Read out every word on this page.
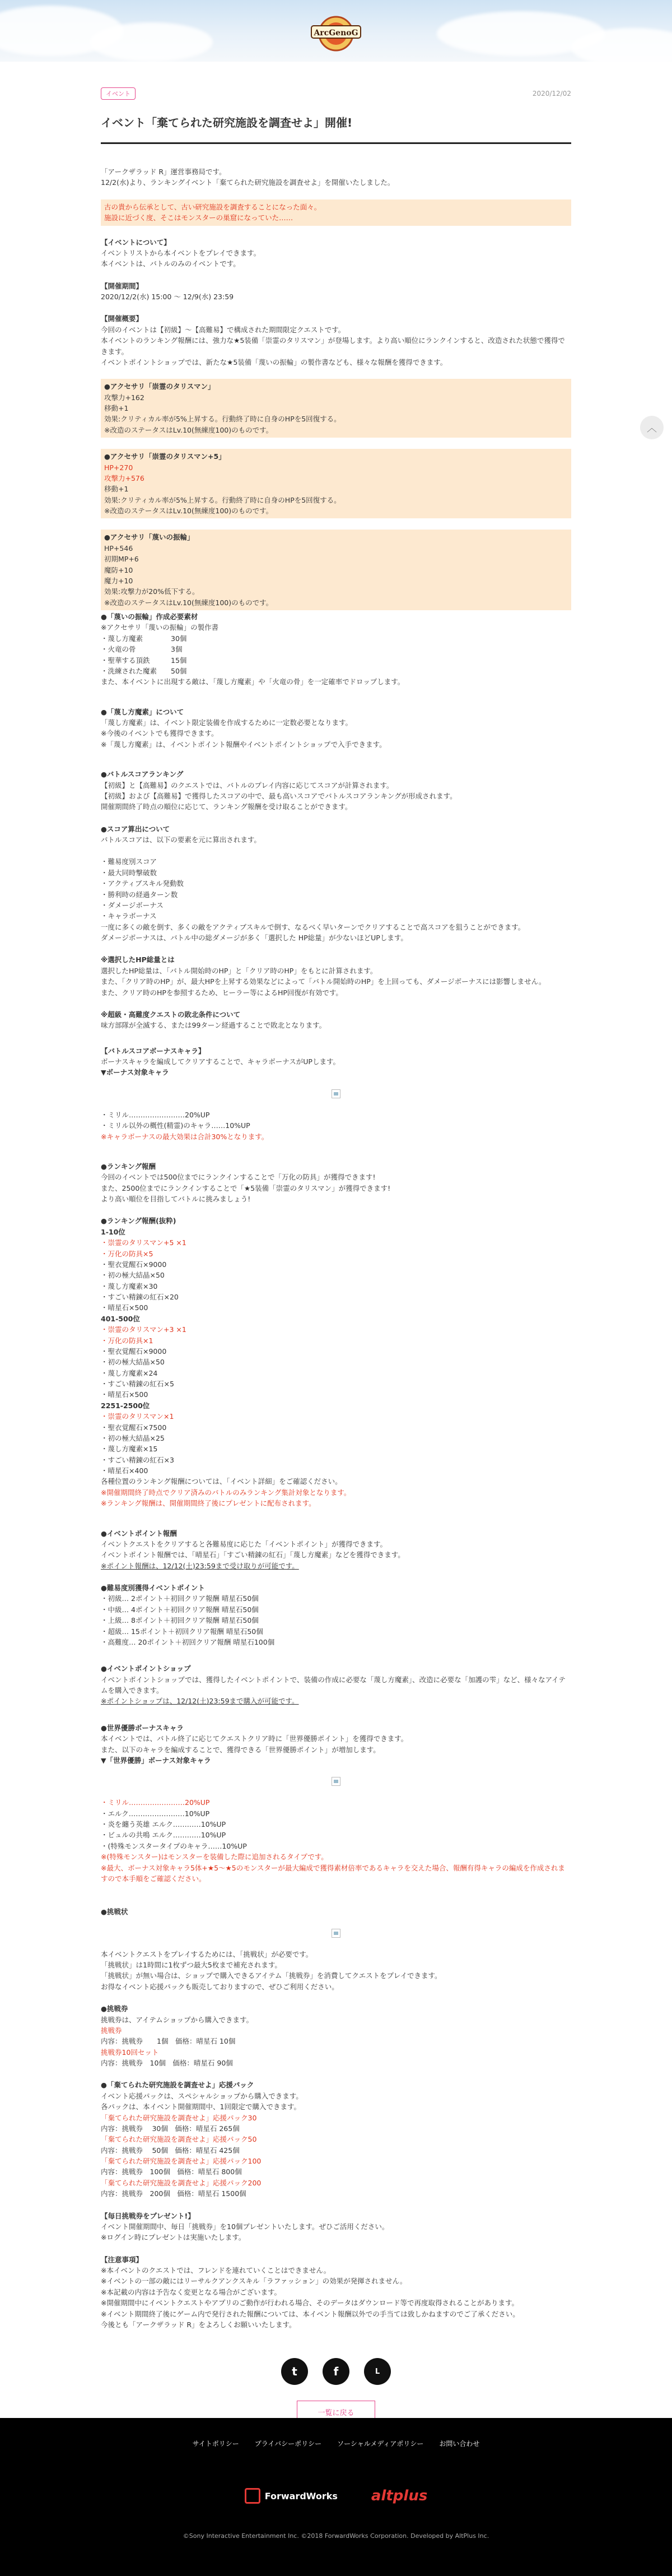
ArcGenoG
︿
イベント	2020/12/02
イベント「棄てられた研究施設を調査せよ」開催!

「アークザラッド R」運営事務局です。

12/2(水)より、ランキングイベント「棄てられた研究施設を調査せよ」を開催いたしました。

古の貴から伝承として、古い研究施設を調査することになった面々。

施設に近づく度、そこはモンスターの巣窟になっていた……

【イベントについて】

イベントリストから本イベントをプレイできます。

本イベントは、バトルのみのイベントです。

【開催期間】

2020/12/2(水) 15:00 ～ 12/9(水) 23:59

【開催概要】

今回のイベントは【初級】～【高難易】で構成された期間限定クエストです。

本イベントのランキング報酬には、強力な★5装備「崇霊のタリスマン」が登場します。より高い順位にランクインすると、改造された状態で獲得できます。

イベントポイントショップでは、新たな★5装備「蔑いの振輪」の製作書なども、様々な報酬を獲得できます。

●アクセサリ「崇霊のタリスマン」

攻撃力+162

移動+1

効果:クリティカル率が5%上昇する。行動終了時に自身のHPを5回復する。

※改造のステータスはLv.10(無練度100)のものです。

●アクセサリ「崇霊のタリスマン+5」

HP+270

攻撃力+576

移動+1

効果:クリティカル率が5%上昇する。行動終了時に自身のHPを5回復する。

※改造のステータスはLv.10(無練度100)のものです。

●アクセサリ「蔑いの振輪」

HP+546

初期MP+6

魔防+10

魔力+10

効果:攻撃力が20%低下する。

※改造のステータスはLv.10(無練度100)のものです。

●「蔑いの振輪」作成必要素材

※アクセサリ「蔑いの振輪」の製作書

・蔑し方魔素　　　　30個

・火竜の骨　　　　　3個

・聖華する頂鉄　　　15個

・洗練された魔素　　50個

また、本イベントに出現する敵は、「蔑し方魔素」や「火竜の骨」を一定確率でドロップします。

●「蔑し方魔素」について

「蔑し方魔素」は、イベント限定装備を作成するために一定数必要となります。

※今後のイベントでも獲得できます。

※「蔑し方魔素」は、イベントポイント報酬やイベントポイントショップで入手できます。

●バトルスコアランキング

【初級】と【高難易】のクエストでは、バトルのプレイ内容に応じてスコアが計算されます。

【初級】および【高難易】で獲得したスコアの中で、最も高いスコアでバトルスコアランキングが形成されます。

開催期間終了時点の順位に応じて、ランキング報酬を受け取ることができます。

●スコア算出について

バトルスコアは、以下の要素を元に算出されます。

・難易度別スコア

・最大同時撃破数

・アクティブスキル発動数

・勝利時の経過ターン数

・ダメージボーナス

・キャラボーナス

一度に多くの敵を倒す、多くの敵をアクティブスキルで倒す、なるべく早いターンでクリアすることで高スコアを狙うことができます。

ダメージボーナスは、バトル中の総ダメージが多く「選択した HP総量」が少ないほどUPします。

※選択したHP総量とは

選択したHP総量は、「バトル開始時のHP」と「クリア時のHP」をもとに計算されます。

また、「クリア時のHP」が、最大HPを上昇する効果などによって「バトル開始時のHP」を上回っても、ダメージボーナスには影響しません。

また、クリア時のHPを参照するため、ヒーラー等によるHP回復が有効です。

※超級・高難度クエストの敗北条件について

味方部隊が全滅する、または99ターン経過することで敗北となります。

【バトルスコアボーナスキャラ】

ボーナスキャラを編成してクリアすることで、キャラボーナスがUPします。

▼ボーナス対象キャラ

・ミリル……………………20%UP

・ミリル以外の概性(精霊)のキャラ……10%UP

※キャラボーナスの最大効果は合計30%となります。

●ランキング報酬

今回のイベントでは500位までにランクインすることで「万化の防具」が獲得できます!

また、2500位までにランクインすることで「★5装備「崇霊のタリスマン」が獲得できます!

より高い順位を目指してバトルに挑みましょう!

●ランキング報酬(抜粋)

1-10位

・崇霊のタリスマン+5 ×1

・万化の防具×5

・聖衣覚醒石×9000

・初の極大結晶×50

・蔑し方魔素×30

・すごい精錬の紅石×20

・晴星石×500

401-500位

・崇霊のタリスマン+3 ×1

・万化の防具×1

・聖衣覚醒石×9000

・初の極大結晶×50

・蔑し方魔素×24

・すごい精錬の紅石×5

・晴星石×500

2251-2500位

・崇霊のタリスマン×1

・聖衣覚醒石×7500

・初の極大結晶×25

・蔑し方魔素×15

・すごい精錬の紅石×3

・晴星石×400

各種位置のランキング報酬については、「イベント詳細」をご確認ください。

※開催期間終了時点でクリア済みのバトルのみランキング集計対象となります。

※ランキング報酬は、開催期間終了後にプレゼントに配布されます。

●イベントポイント報酬

イベントクエストをクリアすると各難易度に応じた「イベントポイント」が獲得できます。

イベントポイント報酬では、「晴星石」「すごい精錬の紅石」「蔑し方魔素」などを獲得できます。

※ポイント報酬は、12/12(土)23:59まで受け取りが可能です。

●難易度別獲得イベントポイント

・初級… 2ポイント＋初回クリア報酬 晴星石50個

・中級… 4ポイント＋初回クリア報酬 晴星石50個

・上級… 8ポイント＋初回クリア報酬 晴星石50個

・超級… 15ポイント＋初回クリア報酬 晴星石50個

・高難度… 20ポイント＋初回クリア報酬 晴星石100個

●イベントポイントショップ

イベントポイントショップでは、獲得したイベントポイントで、装備の作成に必要な「蔑し方魔素」、改造に必要な「加護の雫」など、様々なアイテムを購入できます。

※ポイントショップは、12/12(土)23:59まで購入が可能です。

●世界優勝ボーナスキャラ

本イベントでは、バトル終了に応じてクエストクリア時に「世界優勝ポイント」を獲得できます。

また、以下のキャラを編成することで、獲得できる「世界優勝ポイント」が増加します。

▼「世界優勝」ボーナス対象キャラ

・ミリル……………………20%UP

・エルク……………………10%UP

・炎を纏う英雄 エルク…………10%UP

・ビュルの共鳴 エルク…………10%UP

・(特殊モンスタータイプのキャラ……10%UP

※(特殊モンスター)はモンスターを装備した際に追加されるタイプです。
※最大、ボーナス対象キャラ5体+★5〜★5のモンスターが最大編成で獲得素材倍率であるキャラを交えた場合、報酬有得キャラの編成を作成されますので本手順をご確認ください。

●挑戦状

本イベントクエストをプレイするためには、「挑戦状」が必要です。

「挑戦状」は1時間に1枚ずつ最大5枚まで補充されます。

「挑戦状」が無い場合は、ショップで購入できるアイテム「挑戦券」を消費してクエストをプレイできます。

お得なイベント応援パックも販売しておりますので、ぜひご利用ください。

●挑戦券

挑戦券は、アイテムショップから購入できます。

挑戦券

内容：挑戦券　　1個　価格：晴星石 10個

挑戦券10回セット

内容：挑戦券　10個　価格：晴星石 90個

●「棄てられた研究施設を調査せよ」応援パック

イベント応援パックは、スペシャルショップから購入できます。

各パックは、本イベント開催期間中、1回限定で購入できます。

「棄てられた研究施設を調査せよ」応援パック30

内容：挑戦券　 30個　価格：晴星石 265個

「棄てられた研究施設を調査せよ」応援パック50

内容：挑戦券　 50個　価格：晴星石 425個

「棄てられた研究施設を調査せよ」応援パック100

内容：挑戦券　100個　価格：晴星石 800個

「棄てられた研究施設を調査せよ」応援パック200

内容：挑戦券　200個　価格：晴星石 1500個

【毎日挑戦券をプレゼント!】

イベント開催期間中、毎日「挑戦券」を10個プレゼントいたします。ぜひご活用ください。

※ログイン時にプレゼントは実施いたします。

【注意事項】

※本イベントのクエストでは、フレンドを連れていくことはできません。

※イベントの一部の敵にはリーサルクアンクスキル「ラファッション」の効果が発揮されません。

※本記載の内容は予告なく変更となる場合がございます。

※開催期間中にイベントクエストやアプリのご動作が行われる場合、そのデータはダウンロード等で再度取得されることがあります。

※イベント期間終了後にゲーム内で発行された報酬については、本イベント報酬以外での手当ては致しかねますのでご了承ください。

今後とも「アークザラッド R」をよろしくお願いいたします。

t	f	L
一覧に戻る
サイトポリシー プライバシーポリシー ソーシャルメディアポリシー お問い合わせ
ForwardWorks altplus

©Sony Interactive Entertainment Inc. ©2018 ForwardWorks Corporation. Developed by AltPlus Inc.
